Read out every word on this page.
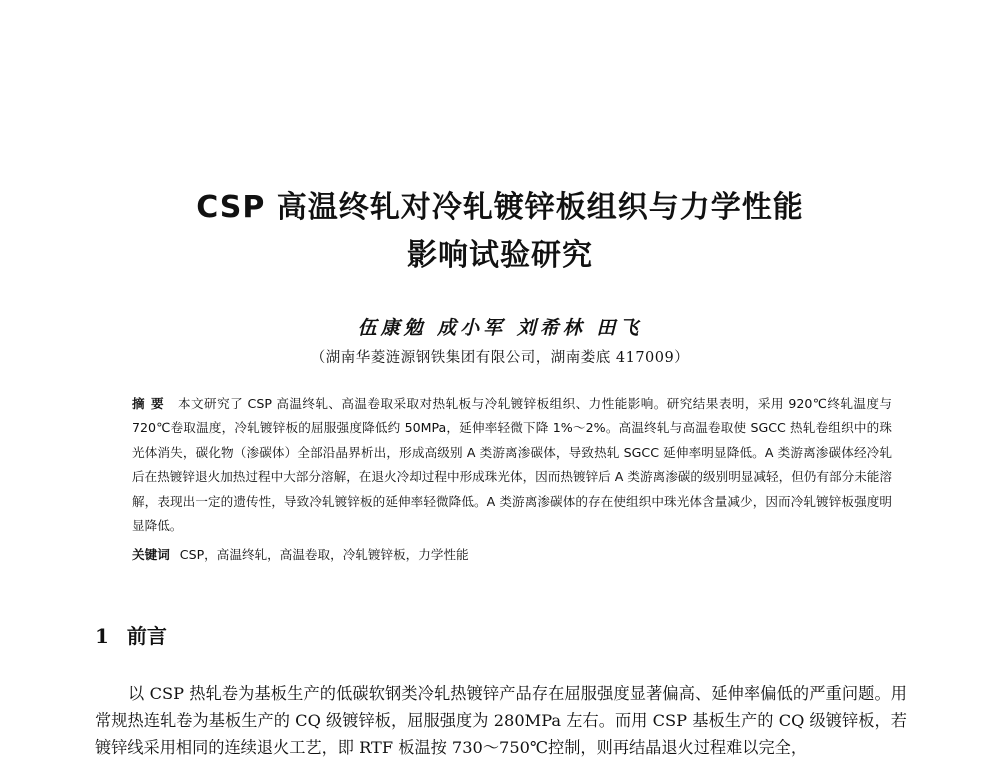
CSP 高温终轧对冷轧镀锌板组织与力学性能
影响试验研究
伍康勉 成小军 刘希林 田飞
（湖南华菱涟源钢铁集团有限公司，湖南娄底 417009）
摘要 本文研究了 CSP 高温终轧、高温卷取采取对热轧板与冷轧镀锌板组织、力性能影响。研究结果表明，采用 920℃终轧温度与 720℃卷取温度，冷轧镀锌板的屈服强度降低约 50MPa，延伸率轻微下降 1%～2%。高温终轧与高温卷取使 SGCC 热轧卷组织中的珠光体消失，碳化物（渗碳体）全部沿晶界析出，形成高级别 A 类游离渗碳体，导致热轧 SGCC 延伸率明显降低。A 类游离渗碳体经冷轧后在热镀锌退火加热过程中大部分溶解，在退火冷却过程中形成珠光体，因而热镀锌后 A 类游离渗碳的级别明显减轻，但仍有部分未能溶解，表现出一定的遗传性，导致冷轧镀锌板的延伸率轻微降低。A 类游离渗碳体的存在使组织中珠光体含量减少，因而冷轧镀锌板强度明显降低。
关键词 CSP，高温终轧，高温卷取，冷轧镀锌板，力学性能
1 前言
以 CSP 热轧卷为基板生产的低碳软钢类冷轧热镀锌产品存在屈服强度显著偏高、延伸率偏低的严重问题。用常规热连轧卷为基板生产的 CQ 级镀锌板，屈服强度为 280MPa 左右。而用 CSP 基板生产的 CQ 级镀锌板，若镀锌线采用相同的连续退火工艺，即 RTF 板温按 730～750℃控制，则再结晶退火过程难以完全，
